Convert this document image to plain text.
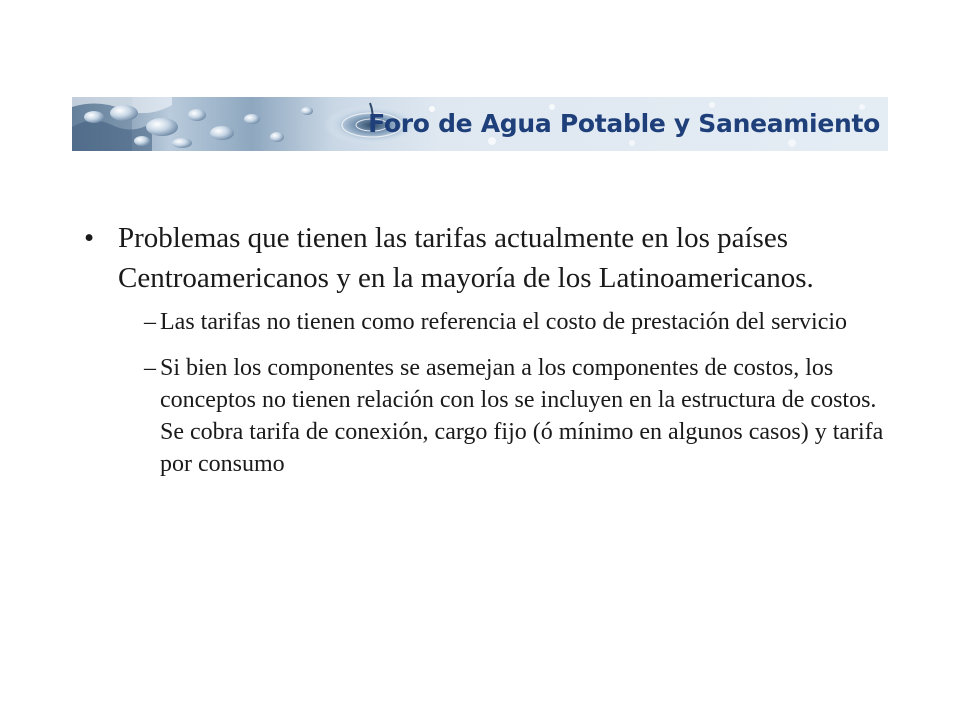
Foro de Agua Potable y Saneamiento
• Problemas que tienen las tarifas actualmente en los países Centroamericanos y en la mayoría de los Latinoamericanos.
– Las tarifas no tienen como referencia el costo de prestación del servicio
– Si bien los componentes se asemejan a los componentes de costos, los conceptos no tienen relación con los se incluyen en la estructura de costos. Se cobra tarifa de conexión, cargo fijo (ó mínimo en algunos casos) y tarifa por consumo
